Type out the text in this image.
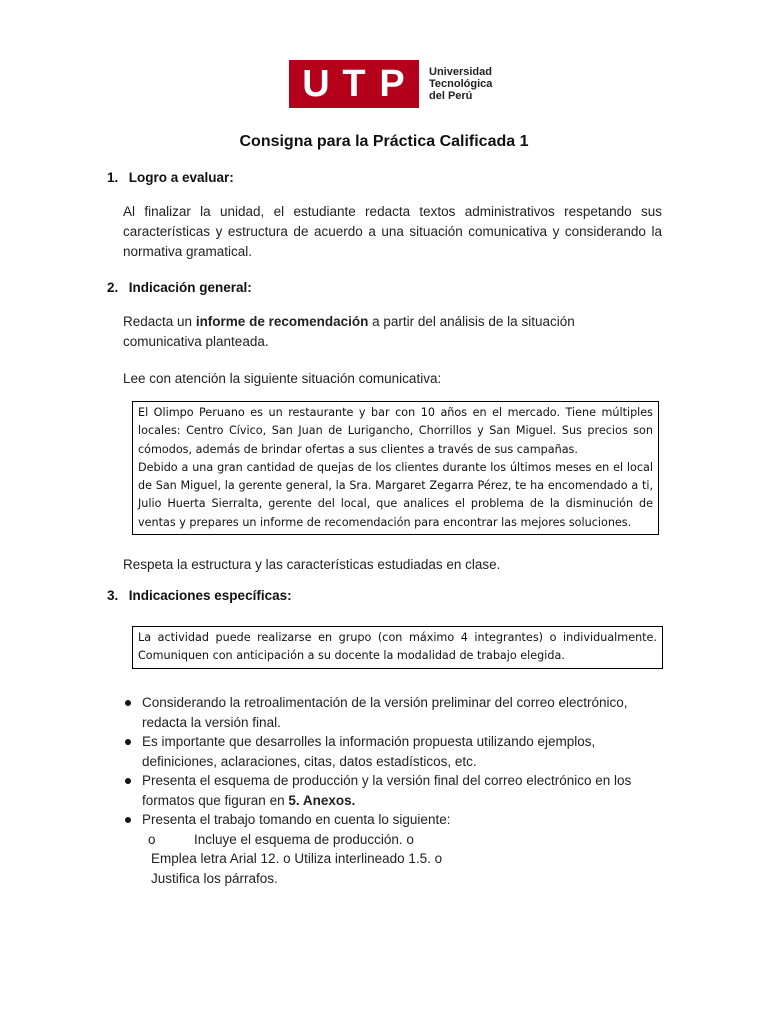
U T P	Universidad
Tecnológica
del Perú
Consigna para la Práctica Calificada 1
1. Logro a evaluar:
Al finalizar la unidad, el estudiante redacta textos administrativos respetando sus características y estructura de acuerdo a una situación comunicativa y considerando la normativa gramatical.
2. Indicación general:
Redacta un informe de recomendación a partir del análisis de la situación comunicativa planteada.
Lee con atención la siguiente situación comunicativa:

El Olimpo Peruano es un restaurante y bar con 10 años en el mercado. Tiene múltiples locales: Centro Cívico, San Juan de Lurigancho, Chorrillos y San Miguel. Sus precios son cómodos, además de brindar ofertas a sus clientes a través de sus campañas.

Debido a una gran cantidad de quejas de los clientes durante los últimos meses en el local de San Miguel, la gerente general, la Sra. Margaret Zegarra Pérez, te ha encomendado a ti, Julio Huerta Sierralta, gerente del local, que analices el problema de la disminución de ventas y prepares un informe de recomendación para encontrar las mejores soluciones.

Respeta la estructura y las características estudiadas en clase.
3. Indicaciones específicas:
La actividad puede realizarse en grupo (con máximo 4 integrantes) o individualmente. Comuniquen con anticipación a su docente la modalidad de trabajo elegida.
Considerando la retroalimentación de la versión preliminar del correo electrónico, redacta la versión final.
Es importante que desarrolles la información propuesta utilizando ejemplos, definiciones, aclaraciones, citas, datos estadísticos, etc.
Presenta el esquema de producción y la versión final del correo electrónico en los formatos que figuran en 5. Anexos.
Presenta el trabajo tomando en cuenta lo siguiente:
o	Incluye el esquema de producción. o
Emplea letra Arial 12. o Utiliza interlineado 1.5. o
Justifica los párrafos.
